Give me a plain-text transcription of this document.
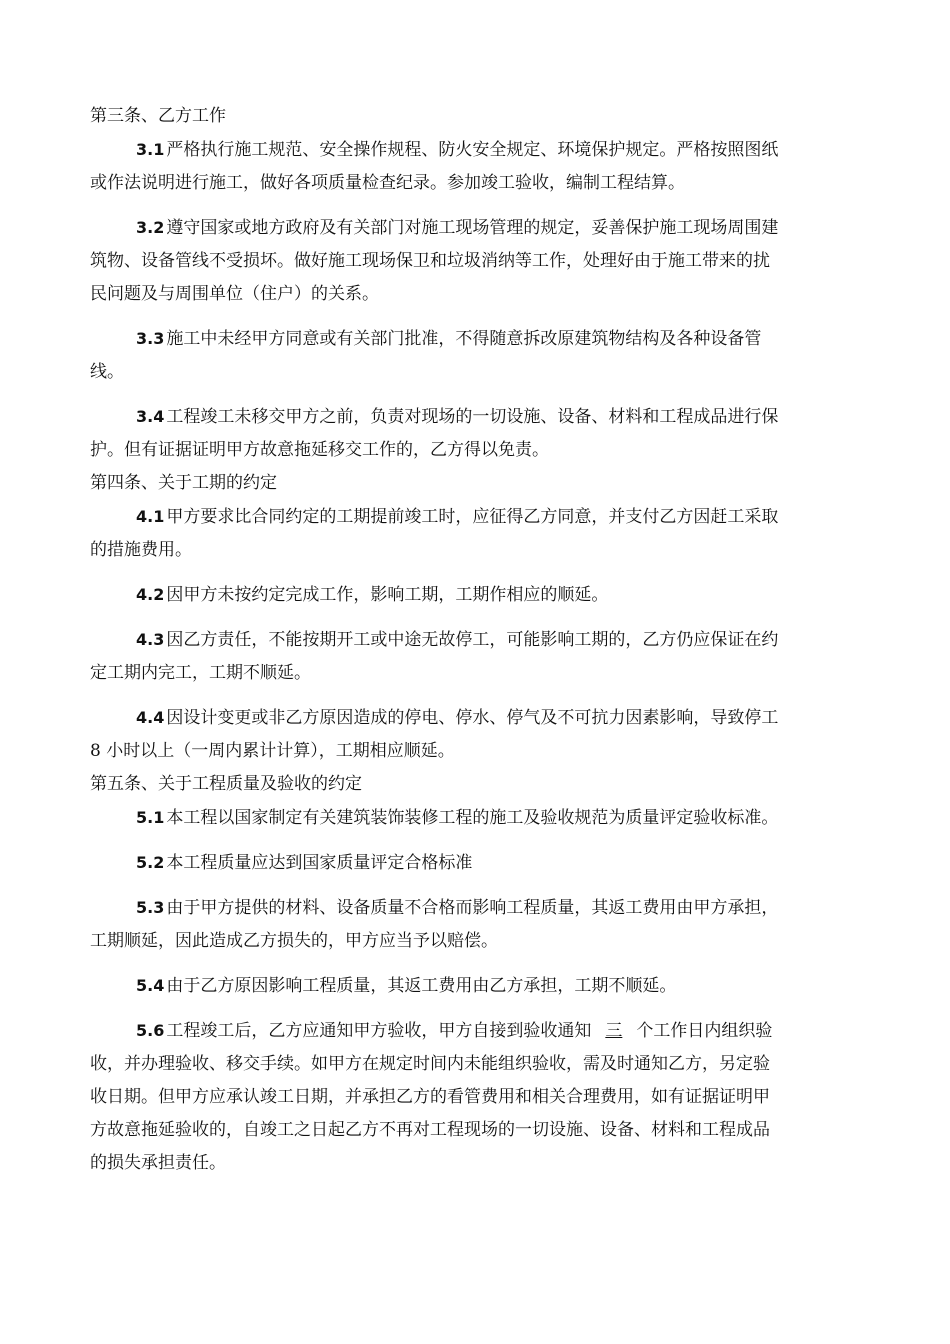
第三条、乙方工作

3.1 严格执行施工规范、安全操作规程、防火安全规定、环境保护规定。严格按照图纸

或作法说明进行施工，做好各项质量检查纪录。参加竣工验收，编制工程结算。

3.2 遵守国家或地方政府及有关部门对施工现场管理的规定，妥善保护施工现场周围建

筑物、设备管线不受损坏。做好施工现场保卫和垃圾消纳等工作，处理好由于施工带来的扰

民问题及与周围单位（住户）的关系。

3.3 施工中未经甲方同意或有关部门批准，不得随意拆改原建筑物结构及各种设备管

线。

3.4 工程竣工未移交甲方之前，负责对现场的一切设施、设备、材料和工程成品进行保

护。但有证据证明甲方故意拖延移交工作的，乙方得以免责。

第四条、关于工期的约定

4.1 甲方要求比合同约定的工期提前竣工时，应征得乙方同意，并支付乙方因赶工采取

的措施费用。

4.2 因甲方未按约定完成工作，影响工期，工期作相应的顺延。

4.3 因乙方责任，不能按期开工或中途无故停工，可能影响工期的，乙方仍应保证在约

定工期内完工，工期不顺延。

4.4 因设计变更或非乙方原因造成的停电、停水、停气及不可抗力因素影响，导致停工

8 小时以上（一周内累计计算），工期相应顺延。

第五条、关于工程质量及验收的约定

5.1 本工程以国家制定有关建筑装饰装修工程的施工及验收规范为质量评定验收标准。

5.2 本工程质量应达到国家质量评定合格标准

5.3 由于甲方提供的材料、设备质量不合格而影响工程质量，其返工费用由甲方承担，

工期顺延，因此造成乙方损失的，甲方应当予以赔偿。

5.4 由于乙方原因影响工程质量，其返工费用由乙方承担，工期不顺延。

5.6 工程竣工后，乙方应通知甲方验收，甲方自接到验收通知 三 个工作日内组织验

收，并办理验收、移交手续。如甲方在规定时间内未能组织验收，需及时通知乙方，另定验

收日期。但甲方应承认竣工日期，并承担乙方的看管费用和相关合理费用，如有证据证明甲

方故意拖延验收的，自竣工之日起乙方不再对工程现场的一切设施、设备、材料和工程成品

的损失承担责任。
